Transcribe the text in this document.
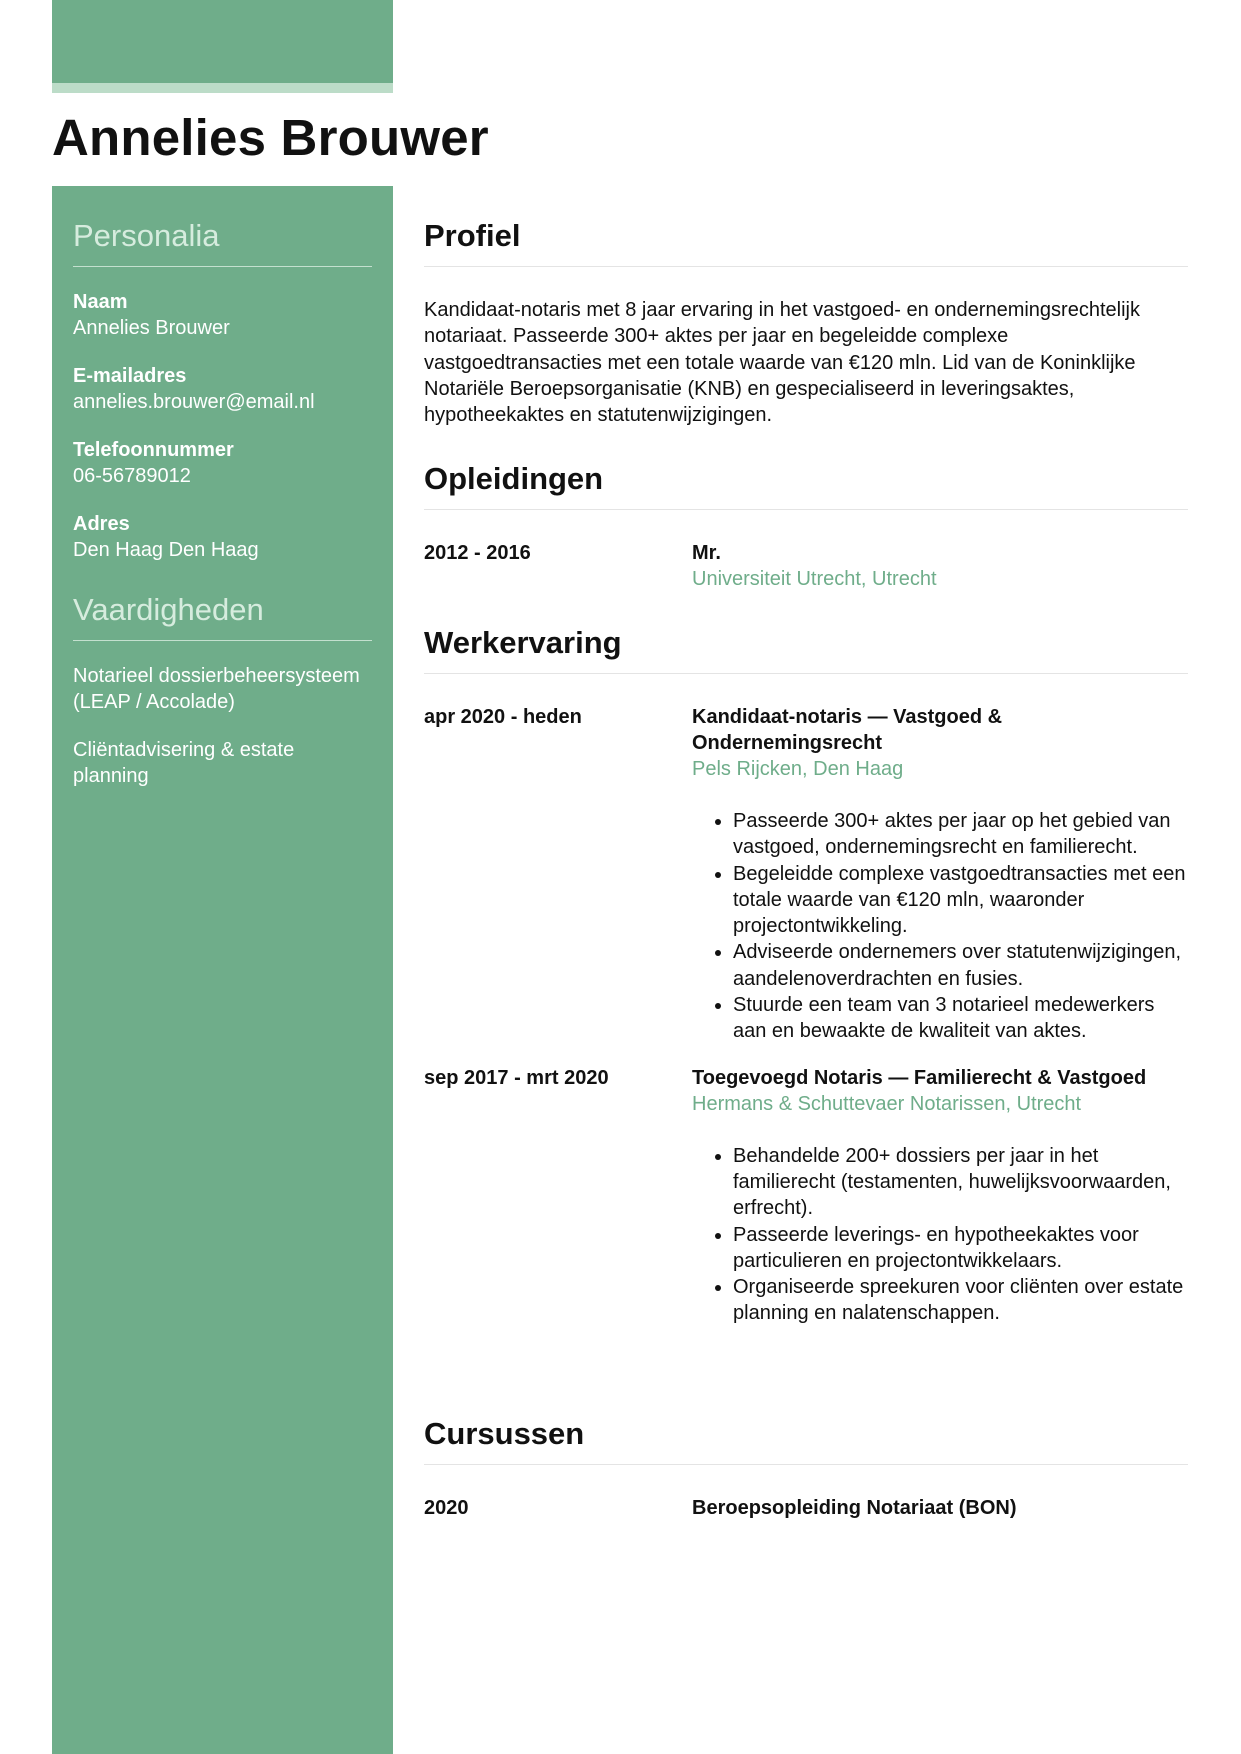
Annelies Brouwer
Personalia
Naam
Annelies Brouwer
E-mailadres
annelies.brouwer@email.nl
Telefoonnummer
06-56789012
Adres
Den Haag Den Haag
Vaardigheden
Notarieel dossierbeheersysteem (LEAP / Accolade)
Cliëntadvisering & estate planning
Profiel

Kandidaat-notaris met 8 jaar ervaring in het vastgoed- en ondernemingsrechtelijk notariaat. Passeerde 300+ aktes per jaar en begeleidde complexe vastgoedtransacties met een totale waarde van €120 mln. Lid van de Koninklijke Notariële Beroepsorganisatie (KNB) en gespecialiseerd in leveringsaktes, hypotheekaktes en statutenwijzigingen.

Opleidingen
2012 - 2016	Mr.
Universiteit Utrecht, Utrecht
Werkervaring
apr 2020 - heden	Kandidaat-notaris — Vastgoed & Ondernemingsrecht
Pels Rijcken, Den Haag
• Passeerde 300+ aktes per jaar op het gebied van vastgoed, ondernemingsrecht en familierecht.
• Begeleidde complexe vastgoedtransacties met een totale waarde van €120 mln, waaronder projectontwikkeling.
• Adviseerde ondernemers over statutenwijzigingen, aandelenoverdrachten en fusies.
• Stuurde een team van 3 notarieel medewerkers aan en bewaakte de kwaliteit van aktes.
sep 2017 - mrt 2020	Toegevoegd Notaris — Familierecht & Vastgoed
Hermans & Schuttevaer Notarissen, Utrecht
• Behandelde 200+ dossiers per jaar in het familierecht (testamenten, huwelijksvoorwaarden, erfrecht).
• Passeerde leverings- en hypotheekaktes voor particulieren en projectontwikkelaars.
• Organiseerde spreekuren voor cliënten over estate planning en nalatenschappen.
Cursussen
2020	Beroepsopleiding Notariaat (BON)
